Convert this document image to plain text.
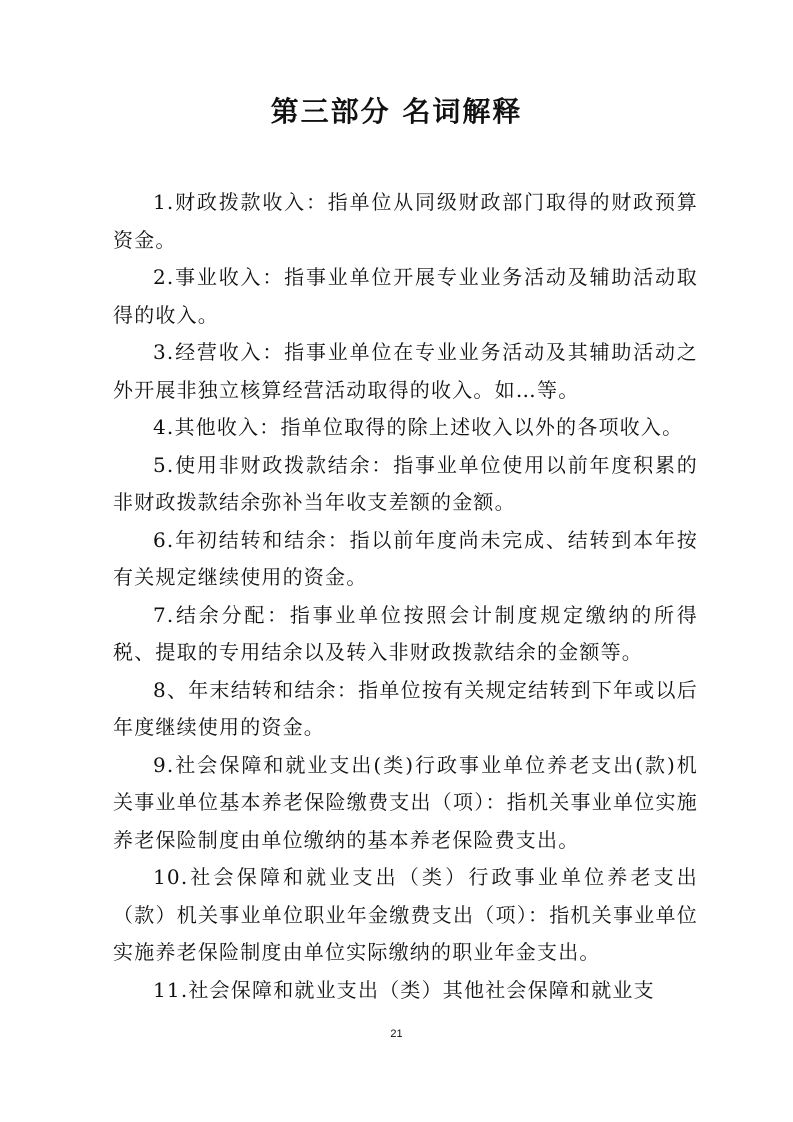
第三部分 名词解释

1.财政拨款收入：指单位从同级财政部门取得的财政预算资金。

2.事业收入：指事业单位开展专业业务活动及辅助活动取得的收入。

3.经营收入：指事业单位在专业业务活动及其辅助活动之外开展非独立核算经营活动取得的收入。如…等。

4.其他收入：指单位取得的除上述收入以外的各项收入。

5.使用非财政拨款结余：指事业单位使用以前年度积累的非财政拨款结余弥补当年收支差额的金额。

6.年初结转和结余：指以前年度尚未完成、结转到本年按有关规定继续使用的资金。

7.结余分配：指事业单位按照会计制度规定缴纳的所得税、提取的专用结余以及转入非财政拨款结余的金额等。

8、年末结转和结余：指单位按有关规定结转到下年或以后年度继续使用的资金。

9.社会保障和就业支出(类)行政事业单位养老支出(款)机关事业单位基本养老保险缴费支出（项）：指机关事业单位实施养老保险制度由单位缴纳的基本养老保险费支出。

10.社会保障和就业支出（类）行政事业单位养老支出（款）机关事业单位职业年金缴费支出（项）：指机关事业单位实施养老保险制度由单位实际缴纳的职业年金支出。

11.社会保障和就业支出（类）其他社会保障和就业支

21
